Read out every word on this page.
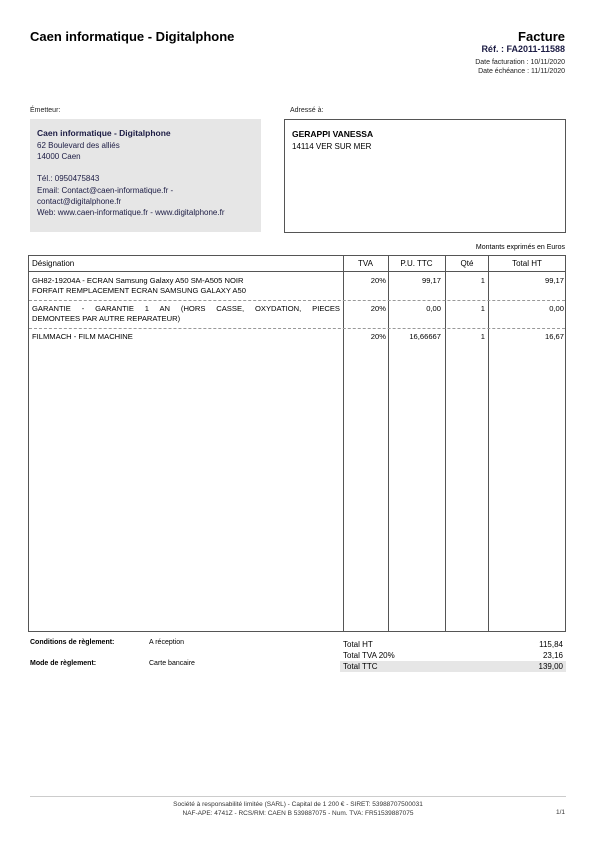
Caen informatique - Digitalphone	Facture
Réf. : FA2011-11588
Date facturation : 10/11/2020
Date échéance : 11/11/2020
Émetteur:	Adressé à:
Caen informatique - Digitalphone
62 Boulevard des alliés
14000 Caen
Tél.: 0950475843
Email: Contact@caen-informatique.fr -
contact@digitalphone.fr
Web: www.caen-informatique.fr - www.digitalphone.fr
GERAPPI VANESSA
14114 VER SUR MER
Montants exprimés en Euros
Désignation	TVA	P.U. TTC	Qté	Total HT
GH82-19204A - ECRAN Samsung Galaxy A50 SM-A505 NOIR
FORFAIT REMPLACEMENT ECRAN SAMSUNG GALAXY A50
20%	99,17	1	99,17
GARANTIE - GARANTIE 1 AN (HORS CASSE, OXYDATION, PIECES
DEMONTEES PAR AUTRE REPARATEUR)
20%	0,00	1	0,00
FILMMACH - FILM MACHINE	20%	16,66667	1	16,67
Conditions de règlement:	A réception
Mode de règlement:	Carte bancaire
Total HT	115,84
Total TVA 20%	23,16
Total TTC	139,00
Société à responsabilité limitée (SARL) - Capital de 1 200 € - SIRET: 53988707500031
NAF-APE: 4741Z - RCS/RM: CAEN B 539887075 - Num. TVA: FR51539887075	1/1
